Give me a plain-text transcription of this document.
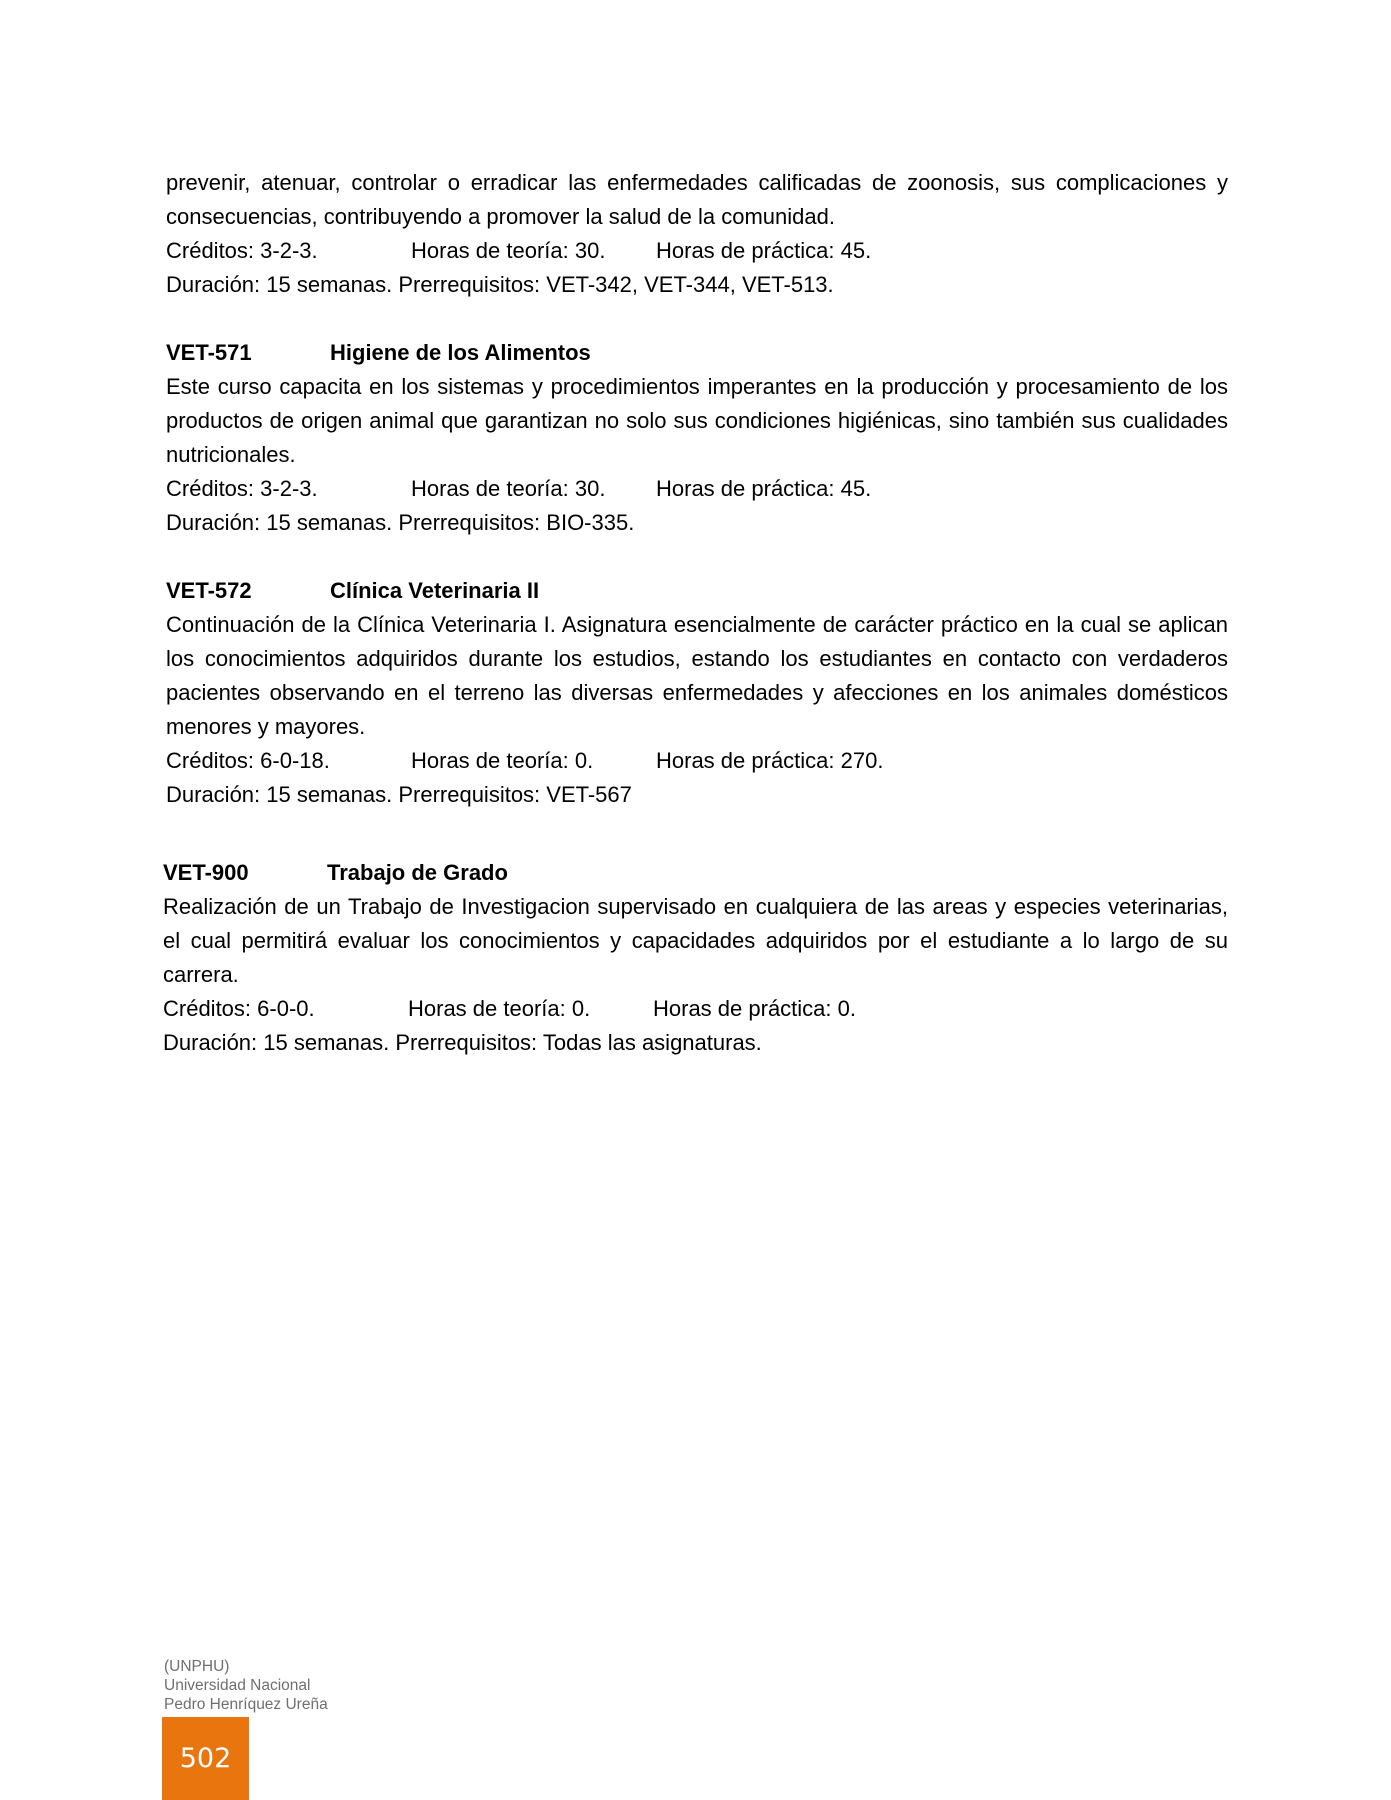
prevenir, atenuar, controlar o erradicar las enfermedades calificadas de zoonosis, sus complicaciones y consecuencias, contribuyendo a promover la salud de la comunidad.

Créditos: 3-2-3.	Horas de teoría: 30.	Horas de práctica: 45.
Duración: 15 semanas. Prerrequisitos: VET-342, VET-344, VET-513.
VET-571	Higiene de los Alimentos

Este curso capacita en los sistemas y procedimientos imperantes en la producción y procesamiento de los productos de origen animal que garantizan no solo sus condiciones higiénicas, sino también sus cualidades nutricionales.

Créditos: 3-2-3.	Horas de teoría: 30.	Horas de práctica: 45.
Duración: 15 semanas. Prerrequisitos: BIO-335.
VET-572	Clínica Veterinaria II

Continuación de la Clínica Veterinaria I. Asignatura esencialmente de carácter práctico en la cual se aplican los conocimientos adquiridos durante los estudios, estando los estudiantes en contacto con verdaderos pacientes observando en el terreno las diversas enfermedades y afecciones en los animales domésticos menores y mayores.

Créditos: 6-0-18.	Horas de teoría: 0.	Horas de práctica: 270.
Duración: 15 semanas. Prerrequisitos: VET-567
VET-900	Trabajo de Grado

Realización de un Trabajo de Investigacion supervisado en cualquiera de las areas y especies veterinarias, el cual permitirá evaluar los conocimientos y capacidades adquiridos por el estudiante a lo largo de su carrera.

Créditos: 6-0-0.	Horas de teoría: 0.	Horas de práctica: 0.
Duración: 15 semanas. Prerrequisitos: Todas las asignaturas.
(UNPHU)
Universidad Nacional
Pedro Henríquez Ureña
502
